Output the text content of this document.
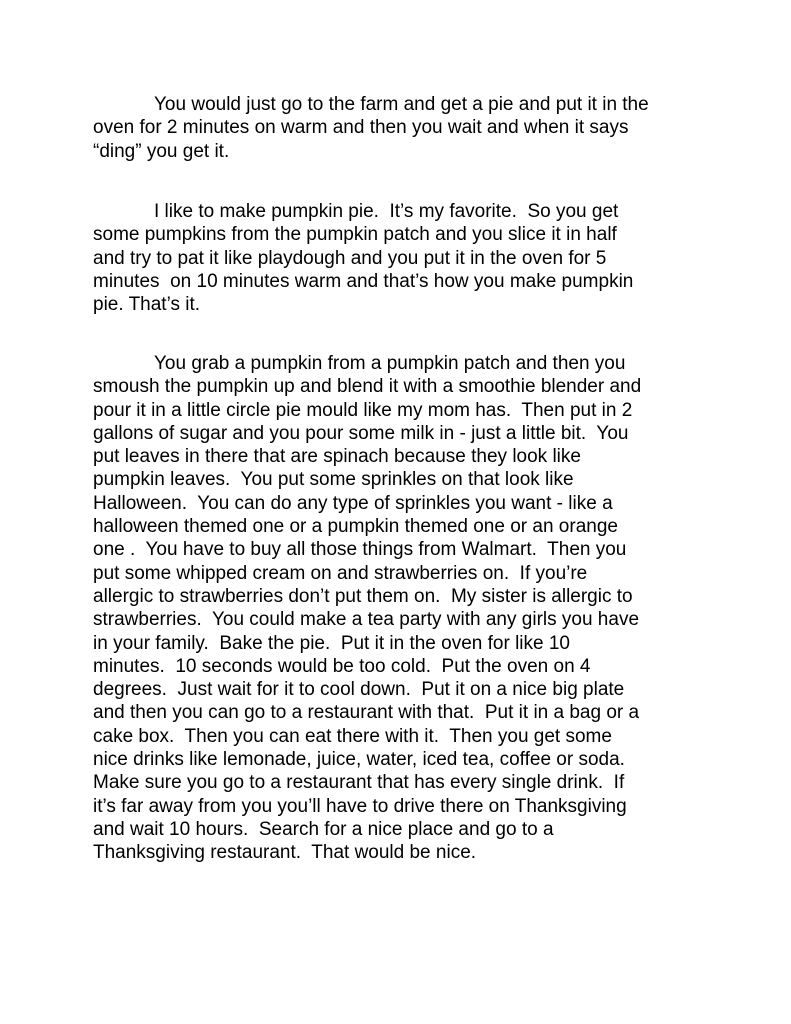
You would just go to the farm and get a pie and put it in the
oven for 2 minutes on warm and then you wait and when it says
“ding” you get it.
I like to make pumpkin pie.  It’s my favorite.  So you get
some pumpkins from the pumpkin patch and you slice it in half
and try to pat it like playdough and you put it in the oven for 5
minutes  on 10 minutes warm and that’s how you make pumpkin
pie. That’s it.
You grab a pumpkin from a pumpkin patch and then you
smoush the pumpkin up and blend it with a smoothie blender and
pour it in a little circle pie mould like my mom has.  Then put in 2
gallons of sugar and you pour some milk in - just a little bit.  You
put leaves in there that are spinach because they look like
pumpkin leaves.  You put some sprinkles on that look like
Halloween.  You can do any type of sprinkles you want - like a
halloween themed one or a pumpkin themed one or an orange
one .  You have to buy all those things from Walmart.  Then you
put some whipped cream on and strawberries on.  If you’re
allergic to strawberries don’t put them on.  My sister is allergic to
strawberries.  You could make a tea party with any girls you have
in your family.  Bake the pie.  Put it in the oven for like 10
minutes.  10 seconds would be too cold.  Put the oven on 4
degrees.  Just wait for it to cool down.  Put it on a nice big plate
and then you can go to a restaurant with that.  Put it in a bag or a
cake box.  Then you can eat there with it.  Then you get some
nice drinks like lemonade, juice, water, iced tea, coffee or soda.
Make sure you go to a restaurant that has every single drink.  If
it’s far away from you you’ll have to drive there on Thanksgiving
and wait 10 hours.  Search for a nice place and go to a
Thanksgiving restaurant.  That would be nice.
